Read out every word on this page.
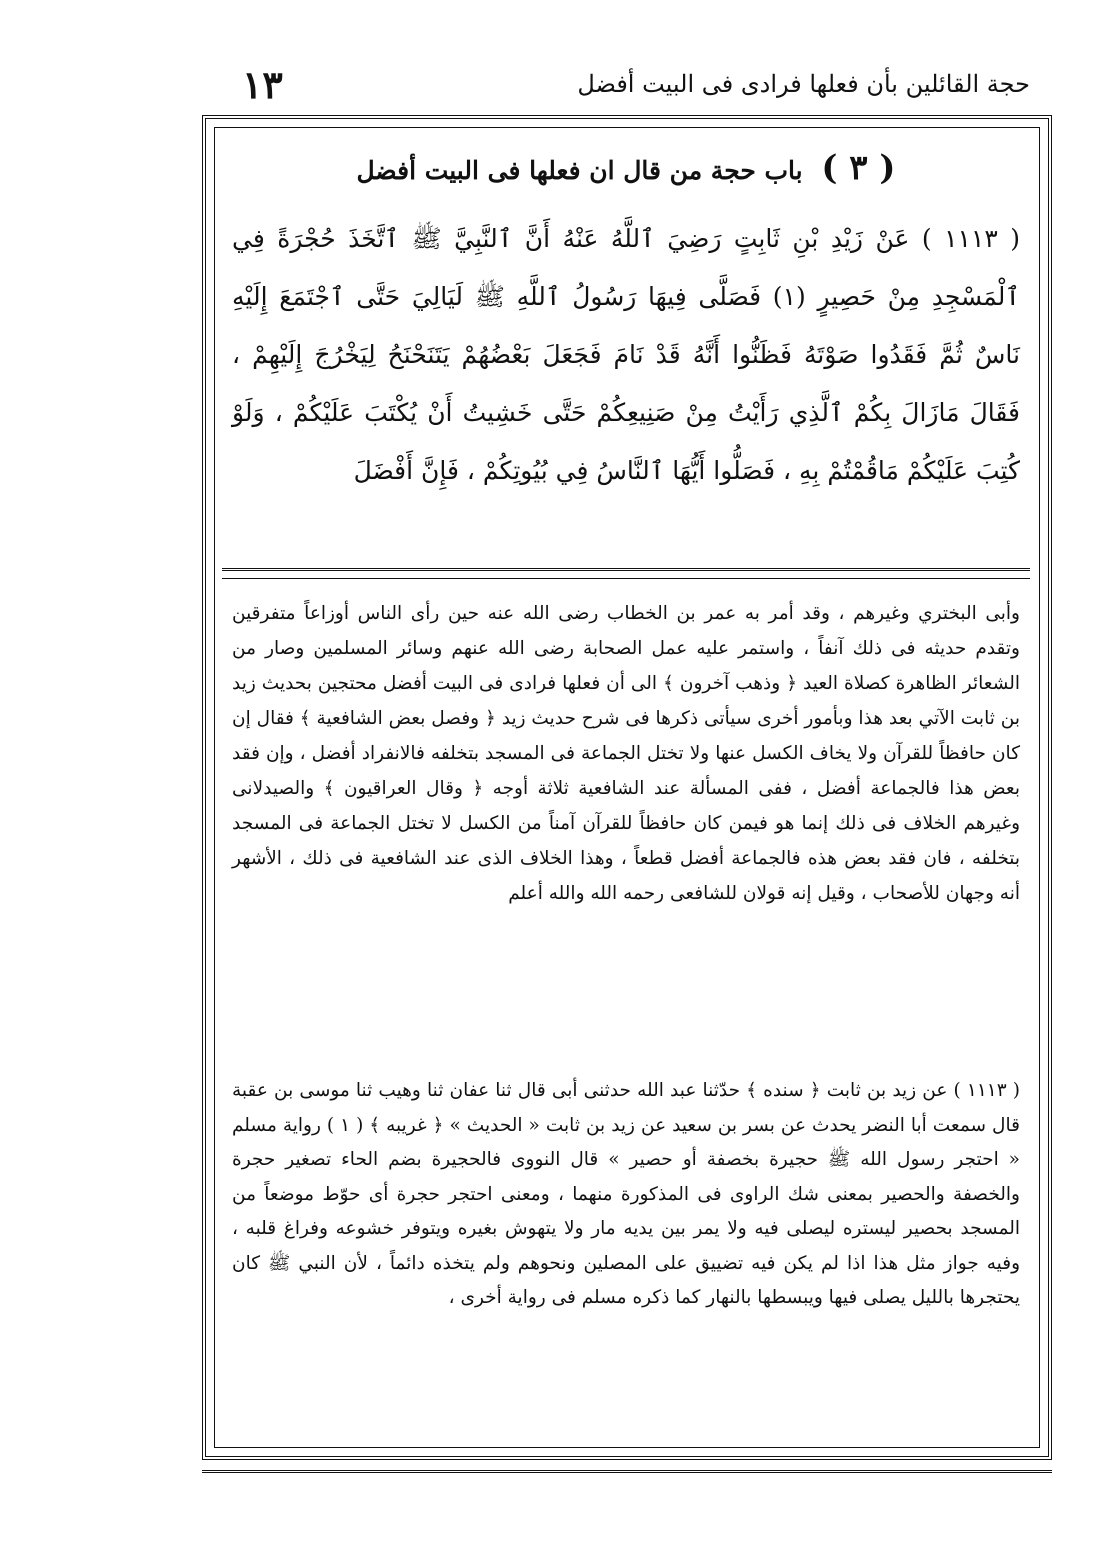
١٣	حجة القائلين بأن فعلها فرادى فى البيت أفضل
( ٣ ) باب حجة من قال ان فعلها فى البيت أفضل

( ١١١٣ ) عَنْ زَيْدِ بْنِ ثَابِتٍ رَضِيَ ٱللَّهُ عَنْهُ أَنَّ ٱلنَّبِيَّ ﷺ ٱتَّخَذَ حُجْرَةً فِي ٱلْمَسْجِدِ مِنْ حَصِيرٍ (١) فَصَلَّى فِيهَا رَسُولُ ٱللَّهِ ﷺ لَيَالِيَ حَتَّى ٱجْتَمَعَ إِلَيْهِ نَاسٌ ثُمَّ فَقَدُوا صَوْتَهُ فَظَنُّوا أَنَّهُ قَدْ نَامَ فَجَعَلَ بَعْضُهُمْ يَتَنَحْنَحُ لِيَخْرُجَ إِلَيْهِمْ ، فَقَالَ مَازَالَ بِكُمْ ٱلَّذِي رَأَيْتُ مِنْ صَنِيعِكُمْ حَتَّى خَشِيتُ أَنْ يُكْتَبَ عَلَيْكُمْ ، وَلَوْ كُتِبَ عَلَيْكُمْ مَاقُمْتُمْ بِهِ ، فَصَلُّوا أَيُّهَا ٱلنَّاسُ فِي بُيُوتِكُمْ ، فَإِنَّ أَفْضَلَ

وأبى البختري وغيرهم ، وقد أمر به عمر بن الخطاب رضى الله عنه حين رأى الناس أوزاعاً متفرقين وتقدم حديثه فى ذلك آنفاً ، واستمر عليه عمل الصحابة رضى الله عنهم وسائر المسلمين وصار من الشعائر الظاهرة كصلاة العيد ﴿ وذهب آخرون ﴾ الى أن فعلها فرادى فى البيت أفضل محتجين بحديث زيد بن ثابت الآتي بعد هذا وبأمور أخرى سيأتى ذكرها فى شرح حديث زيد ﴿ وفصل بعض الشافعية ﴾ فقال إن كان حافظاً للقرآن ولا يخاف الكسل عنها ولا تختل الجماعة فى المسجد بتخلفه فالانفراد أفضل ، وإن فقد بعض هذا فالجماعة أفضل ، ففى المسألة عند الشافعية ثلاثة أوجه ﴿ وقال العراقيون ﴾ والصيدلانى وغيرهم الخلاف فى ذلك إنما هو فيمن كان حافظاً للقرآن آمناً من الكسل لا تختل الجماعة فى المسجد بتخلفه ، فان فقد بعض هذه فالجماعة أفضل قطعاً ، وهذا الخلاف الذى عند الشافعية فى ذلك ، الأشهر أنه وجهان للأصحاب ، وقيل إنه قولان للشافعى رحمه الله والله أعلم

( ١١١٣ ) عن زيد بن ثابت ﴿ سنده ﴾ حدّثنا عبد الله حدثنى أبى قال ثنا عفان ثنا وهيب ثنا موسى بن عقبة قال سمعت أبا النضر يحدث عن بسر بن سعيد عن زيد بن ثابت « الحديث » ﴿ غريبه ﴾ ( ١ ) رواية مسلم « احتجر رسول الله ﷺ حجيرة بخصفة أو حصير » قال النووى فالحجيرة بضم الحاء تصغير حجرة والخصفة والحصير بمعنى شك الراوى فى المذكورة منهما ، ومعنى احتجر حجرة أى حوّط موضعاً من المسجد بحصير ليستره ليصلى فيه ولا يمر بين يديه مار ولا يتهوش بغيره ويتوفر خشوعه وفراغ قلبه ، وفيه جواز مثل هذا اذا لم يكن فيه تضييق على المصلين ونحوهم ولم يتخذه دائماً ، لأن النبي ﷺ كان يحتجرها بالليل يصلى فيها ويبسطها بالنهار كما ذكره مسلم فى رواية أخرى ،
